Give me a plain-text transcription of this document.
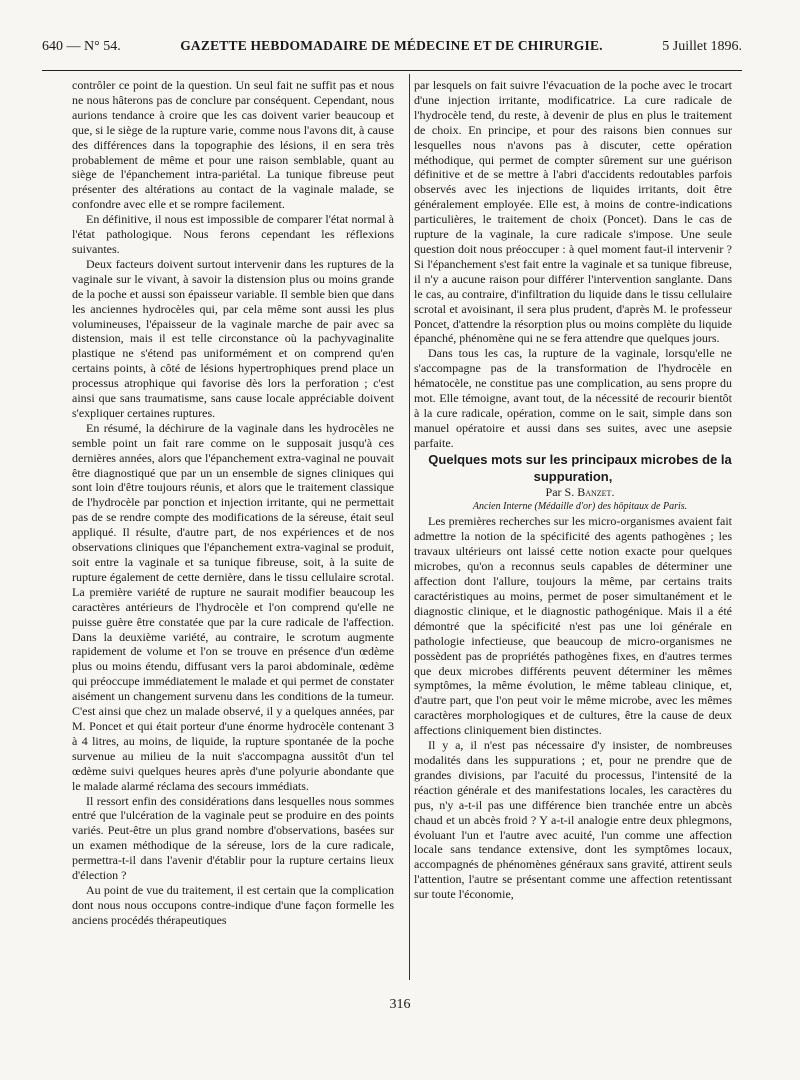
640 — N° 54.	GAZETTE HEBDOMADAIRE DE MÉDECINE ET DE CHIRURGIE.	5 Juillet 1896.

contrôler ce point de la question. Un seul fait ne suffit pas et nous ne nous hâterons pas de conclure par conséquent. Cependant, nous aurions tendance à croire que les cas doivent varier beaucoup et que, si le siège de la rupture varie, comme nous l'avons dit, à cause des différences dans la topographie des lésions, il en sera très probablement de même et pour une raison semblable, quant au siège de l'épanchement intra-pariétal. La tunique fibreuse peut présenter des altérations au contact de la vaginale malade, se confondre avec elle et se rompre facilement.

En définitive, il nous est impossible de comparer l'état normal à l'état pathologique. Nous ferons cependant les réflexions suivantes.

Deux facteurs doivent surtout intervenir dans les ruptures de la vaginale sur le vivant, à savoir la distension plus ou moins grande de la poche et aussi son épaisseur variable. Il semble bien que dans les anciennes hydrocèles qui, par cela même sont aussi les plus volumineuses, l'épaisseur de la vaginale marche de pair avec sa distension, mais il est telle circonstance où la pachyvaginalite plastique ne s'étend pas uniformément et on comprend qu'en certains points, à côté de lésions hypertrophiques prend place un processus atrophique qui favorise dès lors la perforation ; c'est ainsi que sans traumatisme, sans cause locale appréciable doivent s'expliquer certaines ruptures.

En résumé, la déchirure de la vaginale dans les hydrocèles ne semble point un fait rare comme on le supposait jusqu'à ces dernières années, alors que l'épanchement extra-vaginal ne pouvait être diagnostiqué que par un un ensemble de signes cliniques qui sont loin d'être toujours réunis, et alors que le traitement classique de l'hydrocèle par ponction et injection irritante, qui ne permettait pas de se rendre compte des modifications de la séreuse, était seul appliqué. Il résulte, d'autre part, de nos expériences et de nos observations cliniques que l'épanchement extra-vaginal se produit, soit entre la vaginale et sa tunique fibreuse, soit, à la suite de rupture également de cette dernière, dans le tissu cellulaire scrotal. La première variété de rupture ne saurait modifier beaucoup les caractères antérieurs de l'hydrocèle et l'on comprend qu'elle ne puisse guère être constatée que par la cure radicale de l'affection. Dans la deuxième variété, au contraire, le scrotum augmente rapidement de volume et l'on se trouve en présence d'un œdème plus ou moins étendu, diffusant vers la paroi abdominale, œdème qui préoccupe immédiatement le malade et qui permet de constater aisément un changement survenu dans les conditions de la tumeur. C'est ainsi que chez un malade observé, il y a quelques années, par M. Poncet et qui était porteur d'une énorme hydrocèle contenant 3 à 4 litres, au moins, de liquide, la rupture spontanée de la poche survenue au milieu de la nuit s'accompagna aussitôt d'un tel œdème suivi quelques heures après d'une polyurie abondante que le malade alarmé réclama des secours immédiats.

Il ressort enfin des considérations dans lesquelles nous sommes entré que l'ulcération de la vaginale peut se produire en des points variés. Peut-être un plus grand nombre d'observations, basées sur un examen méthodique de la séreuse, lors de la cure radicale, permettra-t-il dans l'avenir d'établir pour la rupture certains lieux d'élection ?

Au point de vue du traitement, il est certain que la complication dont nous nous occupons contre-indique d'une façon formelle les anciens procédés thérapeutiques

par lesquels on fait suivre l'évacuation de la poche avec le trocart d'une injection irritante, modificatrice. La cure radicale de l'hydrocèle tend, du reste, à devenir de plus en plus le traitement de choix. En principe, et pour des raisons bien connues sur lesquelles nous n'avons pas à discuter, cette opération méthodique, qui permet de compter sûrement sur une guérison définitive et de se mettre à l'abri d'accidents redoutables parfois observés avec les injections de liquides irritants, doit être généralement employée. Elle est, à moins de contre-indications particulières, le traitement de choix (Poncet). Dans le cas de rupture de la vaginale, la cure radicale s'impose. Une seule question doit nous préoccuper : à quel moment faut-il intervenir ? Si l'épanchement s'est fait entre la vaginale et sa tunique fibreuse, il n'y a aucune raison pour différer l'intervention sanglante. Dans le cas, au contraire, d'infiltration du liquide dans le tissu cellulaire scrotal et avoisinant, il sera plus prudent, d'après M. le professeur Poncet, d'attendre la résorption plus ou moins complète du liquide épanché, phénomène qui ne se fera attendre que quelques jours.

Dans tous les cas, la rupture de la vaginale, lorsqu'elle ne s'accompagne pas de la transformation de l'hydrocèle en hématocèle, ne constitue pas une complication, au sens propre du mot. Elle témoigne, avant tout, de la nécessité de recourir bientôt à la cure radicale, opération, comme on le sait, simple dans son manuel opératoire et aussi dans ses suites, avec une asepsie parfaite.

Quelques mots sur les principaux microbes de la suppuration,

Par S. Banzet.

Ancien Interne (Médaille d'or) des hôpitaux de Paris.

Les premières recherches sur les micro-organismes avaient fait admettre la notion de la spécificité des agents pathogènes ; les travaux ultérieurs ont laissé cette notion exacte pour quelques microbes, qu'on a reconnus seuls capables de déterminer une affection dont l'allure, toujours la même, par certains traits caractéristiques au moins, permet de poser simultanément et le diagnostic clinique, et le diagnostic pathogénique. Mais il a été démontré que la spécificité n'est pas une loi générale en pathologie infectieuse, que beaucoup de micro-organismes ne possèdent pas de propriétés pathogènes fixes, en d'autres termes que deux microbes différents peuvent déterminer les mêmes symptômes, la même évolution, le même tableau clinique, et, d'autre part, que l'on peut voir le même microbe, avec les mêmes caractères morphologiques et de cultures, être la cause de deux affections cliniquement bien distinctes.

Il y a, il n'est pas nécessaire d'y insister, de nombreuses modalités dans les suppurations ; et, pour ne prendre que de grandes divisions, par l'acuité du processus, l'intensité de la réaction générale et des manifestations locales, les caractères du pus, n'y a-t-il pas une différence bien tranchée entre un abcès chaud et un abcès froid ? Y a-t-il analogie entre deux phlegmons, évoluant l'un et l'autre avec acuité, l'un comme une affection locale sans tendance extensive, dont les symptômes locaux, accompagnés de phénomènes généraux sans gravité, attirent seuls l'attention, l'autre se présentant comme une affection retentissant sur toute l'économie,

316
